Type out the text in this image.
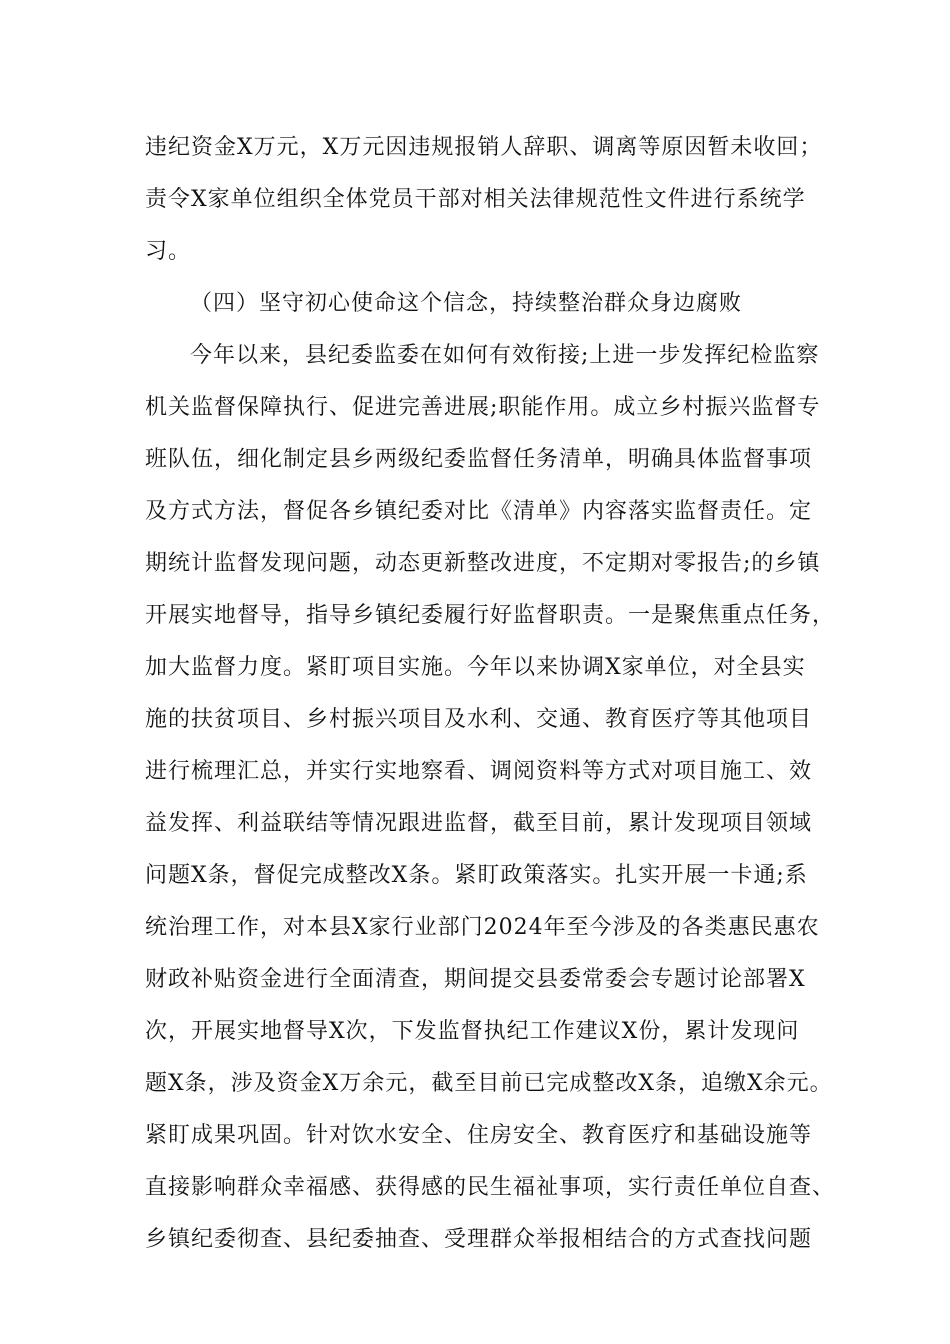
违纪资金X万元，X万元因违规报销人辞职、调离等原因暂未收回；
责令X家单位组织全体党员干部对相关法律规范性文件进行系统学
习。
（四）坚守初心使命这个信念，持续整治群众身边腐败
今年以来，县纪委监委在如何有效衔接;上进一步发挥纪检监察
机关监督保障执行、促进完善进展;职能作用。成立乡村振兴监督专
班队伍，细化制定县乡两级纪委监督任务清单，明确具体监督事项
及方式方法，督促各乡镇纪委对比《清单》内容落实监督责任。定
期统计监督发现问题，动态更新整改进度，不定期对零报告;的乡镇
开展实地督导，指导乡镇纪委履行好监督职责。一是聚焦重点任务，
加大监督力度。紧盯项目实施。今年以来协调X家单位，对全县实
施的扶贫项目、乡村振兴项目及水利、交通、教育医疗等其他项目
进行梳理汇总，并实行实地察看、调阅资料等方式对项目施工、效
益发挥、利益联结等情况跟进监督，截至目前，累计发现项目领域
问题X条，督促完成整改X条。紧盯政策落实。扎实开展一卡通;系
统治理工作，对本县X家行业部门2024年至今涉及的各类惠民惠农
财政补贴资金进行全面清查，期间提交县委常委会专题讨论部署X
次，开展实地督导X次，下发监督执纪工作建议X份，累计发现问
题X条，涉及资金X万余元，截至目前已完成整改X条，追缴X余元。
紧盯成果巩固。针对饮水安全、住房安全、教育医疗和基础设施等
直接影响群众幸福感、获得感的民生福祉事项，实行责任单位自查、
乡镇纪委彻查、县纪委抽查、受理群众举报相结合的方式查找问题
